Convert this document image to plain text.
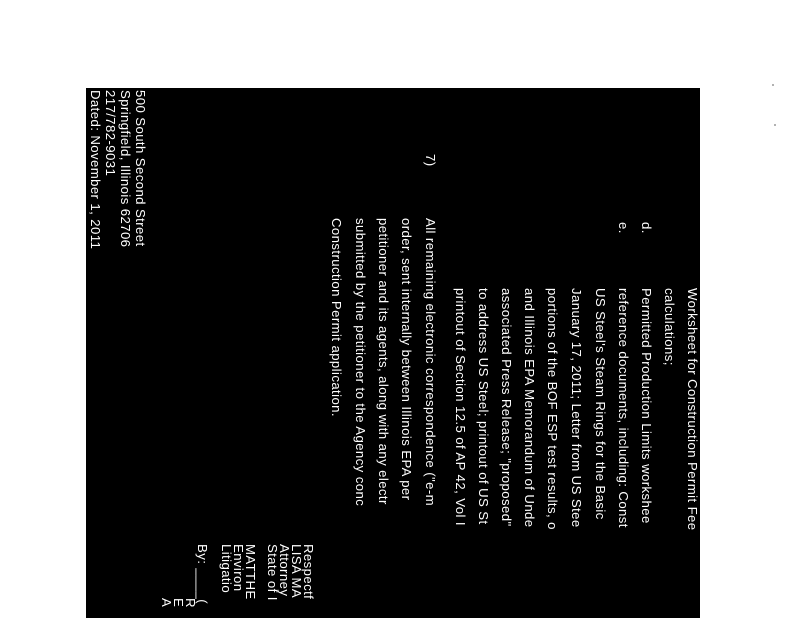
Worksheet for Construction Permit Fee
calculations;
Permitted Production Limits workshee
reference documents, including: Const
US Steel's Steam Rings for the Basic
January 17, 2011; Letter from US Stee
portions of the BOF ESP test results, o
and Illinois EPA Memorandum of Unde
associated Press Release; "proposed"
to address US Steel; printout of US St
printout of Section 12.5 of AP 42, Vol I
All remaining electronic correspondence ("e-m
order, sent internally between Illinois EPA per
petitioner and its agents, along with any electr
submitted by the petitioner to the Agency conc
Construction Permit application.	d.
e.
7)
Respectf
LISA MA
Attorney
State of I
MATTHE
Environ
Litigatio
By: ____(
R
E
A
500 South Second Street
Springfield, Illinois 62706
217/782-9031
Dated: November 1, 2011
